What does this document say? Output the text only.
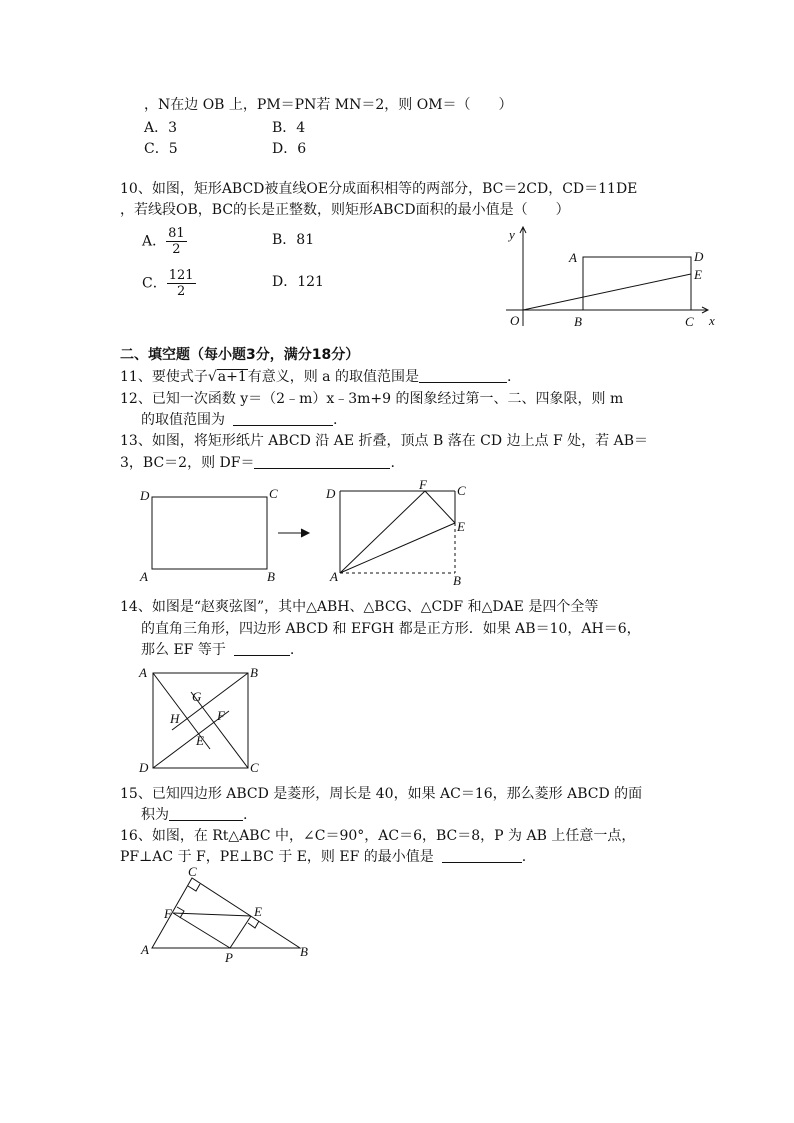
，N在边 OB 上，PM＝PN若 MN＝2，则 OM＝（　　）
A．3	B．4
C．5	D．6
10、如图，矩形ABCD被直线OE分成面积相等的两部分，BC＝2CD，CD＝11DE
，若线段OB，BC的长是正整数，则矩形ABCD面积的最小值是（　　）
A． $\frac{81}{2}$	B．81
C． $\frac{121}{2}$	D．121
y
x
O
A
B	C
D
E
二、填空题（每小题3分，满分18分）
11、要使式子√a+1有意义，则 a 的取值范围是	.
12、已知一次函数 y＝（2﹣m）x﹣3m+9 的图象经过第一、二、四象限，则 m
的取值范围为	.
13、如图，将矩形纸片 ABCD 沿 AE 折叠，顶点 B 落在 CD 边上点 F 处，若 AB＝
3，BC＝2，则 DF＝	.
D	C
A	B
D
F C
E
A	B
14、如图是“赵爽弦图”，其中△ABH、△BCG、△CDF 和△DAE 是四个全等
的直角三角形，四边形 ABCD 和 EFGH 都是正方形．如果 AB＝10，AH＝6，
那么 EF 等于	.
A	B
C
D
G
H	F
E
15、已知四边形 ABCD 是菱形，周长是 40，如果 AC＝16，那么菱形 ABCD 的面
积为	.
16、如图，在 Rt△ABC 中，∠C＝90°，AC＝6，BC＝8，P 为 AB 上任意一点，
PF⊥AC 于 F，PE⊥BC 于 E，则 EF 的最小值是	.
C
F	E
A
P	B
